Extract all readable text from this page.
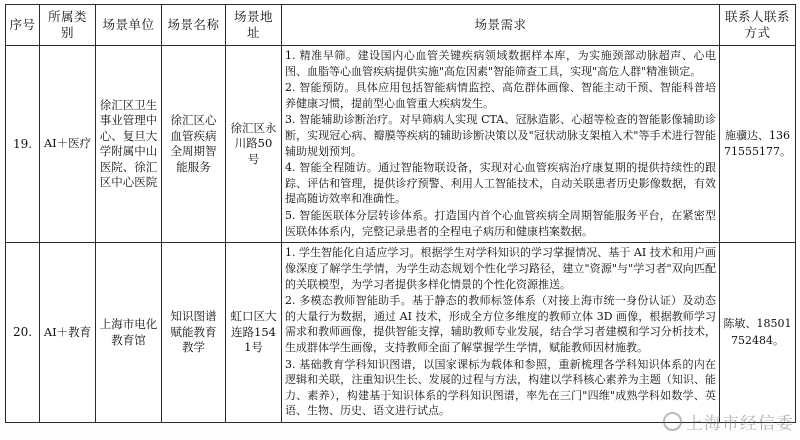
序号	所属类别	场景单位	场景名称	场景地址	场景需求	联系人联系方式
19.	AI＋医疗	徐汇区卫生事业管理中心、复旦大学附属中山医院、徐汇区中心医院	徐汇区心血管疾病全周期智能服务	徐汇区永川路50号	1. 精准早筛。建设国内心血管关键疾病领域数据样本库，为实施颈部动脉超声、心电图、血脂等心血管疾病提供实施"高危因素"智能筛查工具，实现"高危人群"精准锁定。

2. 智能预防。具体应用包括智能病情监控、高危群体画像、智能主动干预、智能科普培养健康习惯，提前型心血管重大疾病发生。

3. 智能辅助诊断治疗。对早筛病人实现 CTA、冠脉造影、心超等检查的智能影像辅助诊断，实现冠心病、瓣膜等疾病的辅助诊断决策以及"冠状动脉支架植入术"等手术进行智能辅助规划预判。

4. 智能全程随访。通过智能物联设备，实现对心血管疾病治疗康复期的提供持续性的跟踪、评估和管理，提供诊疗预警、利用人工智能技术，自动关联患者历史影像数据，有效提高随访效率和准确性。

5. 智能医联体分层转诊体系。打造国内首个心血管疾病全周期智能服务平台，在紧密型医联体体系内，完整记录患者的全程电子病历和健康档案数据。	施骥达、13671555177。
20.	AI＋教育	上海市电化教育馆	知识图谱赋能教育教学	虹口区大连路1541号	1. 学生智能化自适应学习。根据学生对学科知识的学习掌握情况、基于 AI 技术和用户画像深度了解学生学情，为学生动态规划个性化学习路径，建立"资源"与"学习者"双向匹配的关联模型，为学习者提供多样化情景的个性化资源推送。

2. 多模态教师智能助手。基于静态的教师标签体系（对接上海市统一身份认证）及动态的大量行为数据，通过 AI 技术，形成全方位多维度的教师立体 3D 画像，根据教师学习需求和教师画像，提供智能支撑，辅助教师专业发展，结合学习者建模和学习分析技术，生成群体学生画像，支持教师全面了解掌握学生学情，赋能教师因材施教。

3. 基础教育学科知识图谱，以国家课标为载体和参照，重新梳理各学科知识体系的内在逻辑和关联，注重知识生长、发展的过程与方法，构建以学科核心素养为主题（知识、能力、素养），构建基于知识体系的学科知识图谱，率先在三门"四维"成熟学科如数学、英语、生物、历史、语文进行试点。	陈敏、18501752484。
上海市经信委
